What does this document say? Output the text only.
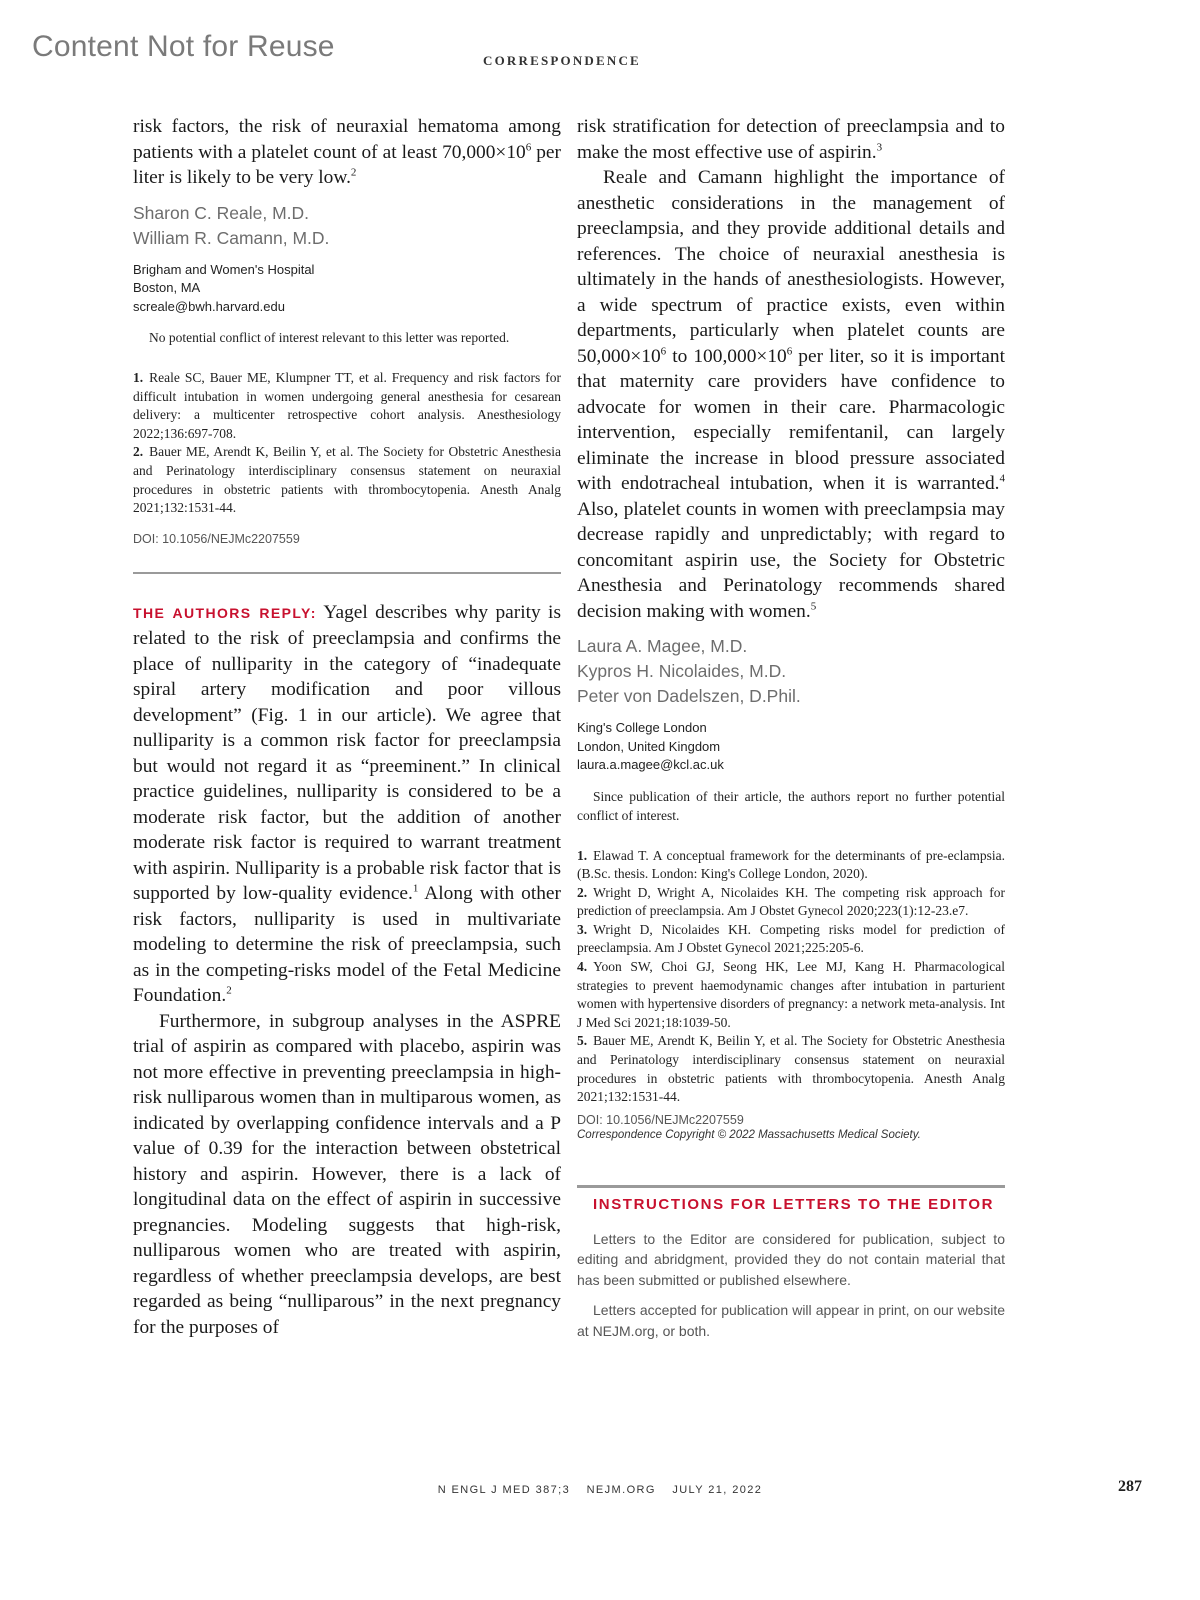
Content Not for Reuse	CORRESPONDENCE

risk factors, the risk of neuraxial hematoma among patients with a platelet count of at least $70,000\times 10^6$ per liter is likely to be very low.$^2$

Sharon C. Reale, M.D.
William R. Camann, M.D.
Brigham and Women's Hospital
Boston, MA
screale@bwh.harvard.edu

No potential conflict of interest relevant to this letter was reported.

1. Reale SC, Bauer ME, Klumpner TT, et al. Frequency and risk factors for difficult intubation in women undergoing general anesthesia for cesarean delivery: a multicenter retrospective cohort analysis. Anesthesiology 2022;136:697-708.
2. Bauer ME, Arendt K, Beilin Y, et al. The Society for Obstetric Anesthesia and Perinatology interdisciplinary consensus statement on neuraxial procedures in obstetric patients with thrombocytopenia. Anesth Analg 2021;132:1531-44.
DOI: 10.1056/NEJMc2207559

THE AUTHORS REPLY: Yagel describes why parity is related to the risk of preeclampsia and confirms the place of nulliparity in the category of “inadequate spiral artery modification and poor villous development” (Fig. 1 in our article). We agree that nulliparity is a common risk factor for preeclampsia but would not regard it as “preeminent.” In clinical practice guidelines, nulliparity is considered to be a moderate risk factor, but the addition of another moderate risk factor is required to warrant treatment with aspirin. Nulliparity is a probable risk factor that is supported by low-quality evidence.$^1$ Along with other risk factors, nulliparity is used in multivariate modeling to determine the risk of preeclampsia, such as in the competing-risks model of the Fetal Medicine Foundation.$^2$

Furthermore, in subgroup analyses in the ASPRE trial of aspirin as compared with placebo, aspirin was not more effective in preventing preeclampsia in high-risk nulliparous women than in multiparous women, as indicated by overlapping confidence intervals and a P value of 0.39 for the interaction between obstetrical history and aspirin. However, there is a lack of longitudinal data on the effect of aspirin in successive pregnancies. Modeling suggests that high-risk, nulliparous women who are treated with aspirin, regardless of whether preeclampsia develops, are best regarded as being “nulliparous” in the next pregnancy for the purposes of

risk stratification for detection of preeclampsia and to make the most effective use of aspirin.$^3$

Reale and Camann highlight the importance of anesthetic considerations in the management of preeclampsia, and they provide additional details and references. The choice of neuraxial anesthesia is ultimately in the hands of anesthesiologists. However, a wide spectrum of practice exists, even within departments, particularly when platelet counts are $50,000\times 10^6$ to $100,000\times 10^6$ per liter, so it is important that maternity care providers have confidence to advocate for women in their care. Pharmacologic intervention, especially remifentanil, can largely eliminate the increase in blood pressure associated with endotracheal intubation, when it is warranted.$^4$ Also, platelet counts in women with preeclampsia may decrease rapidly and unpredictably; with regard to concomitant aspirin use, the Society for Obstetric Anesthesia and Perinatology recommends shared decision making with women.$^5$

Laura A. Magee, M.D.
Kypros H. Nicolaides, M.D.
Peter von Dadelszen, D.Phil.
King's College London
London, United Kingdom
laura.a.magee@kcl.ac.uk

Since publication of their article, the authors report no further potential conflict of interest.

1. Elawad T. A conceptual framework for the determinants of pre-eclampsia. (B.Sc. thesis. London: King's College London, 2020).
2. Wright D, Wright A, Nicolaides KH. The competing risk approach for prediction of preeclampsia. Am J Obstet Gynecol 2020;223(1):12-23.e7.
3. Wright D, Nicolaides KH. Competing risks model for prediction of preeclampsia. Am J Obstet Gynecol 2021;225:205-6.
4. Yoon SW, Choi GJ, Seong HK, Lee MJ, Kang H. Pharmacological strategies to prevent haemodynamic changes after intubation in parturient women with hypertensive disorders of pregnancy: a network meta-analysis. Int J Med Sci 2021;18:1039-50.
5. Bauer ME, Arendt K, Beilin Y, et al. The Society for Obstetric Anesthesia and Perinatology interdisciplinary consensus statement on neuraxial procedures in obstetric patients with thrombocytopenia. Anesth Analg 2021;132:1531-44.
DOI: 10.1056/NEJMc2207559
Correspondence Copyright © 2022 Massachusetts Medical Society.
INSTRUCTIONS FOR LETTERS TO THE EDITOR

Letters to the Editor are considered for publication, subject to editing and abridgment, provided they do not contain material that has been submitted or published elsewhere.

Letters accepted for publication will appear in print, on our website at NEJM.org, or both.

N ENGL J MED 387;3 NEJM.ORG JULY 21, 2022	287
